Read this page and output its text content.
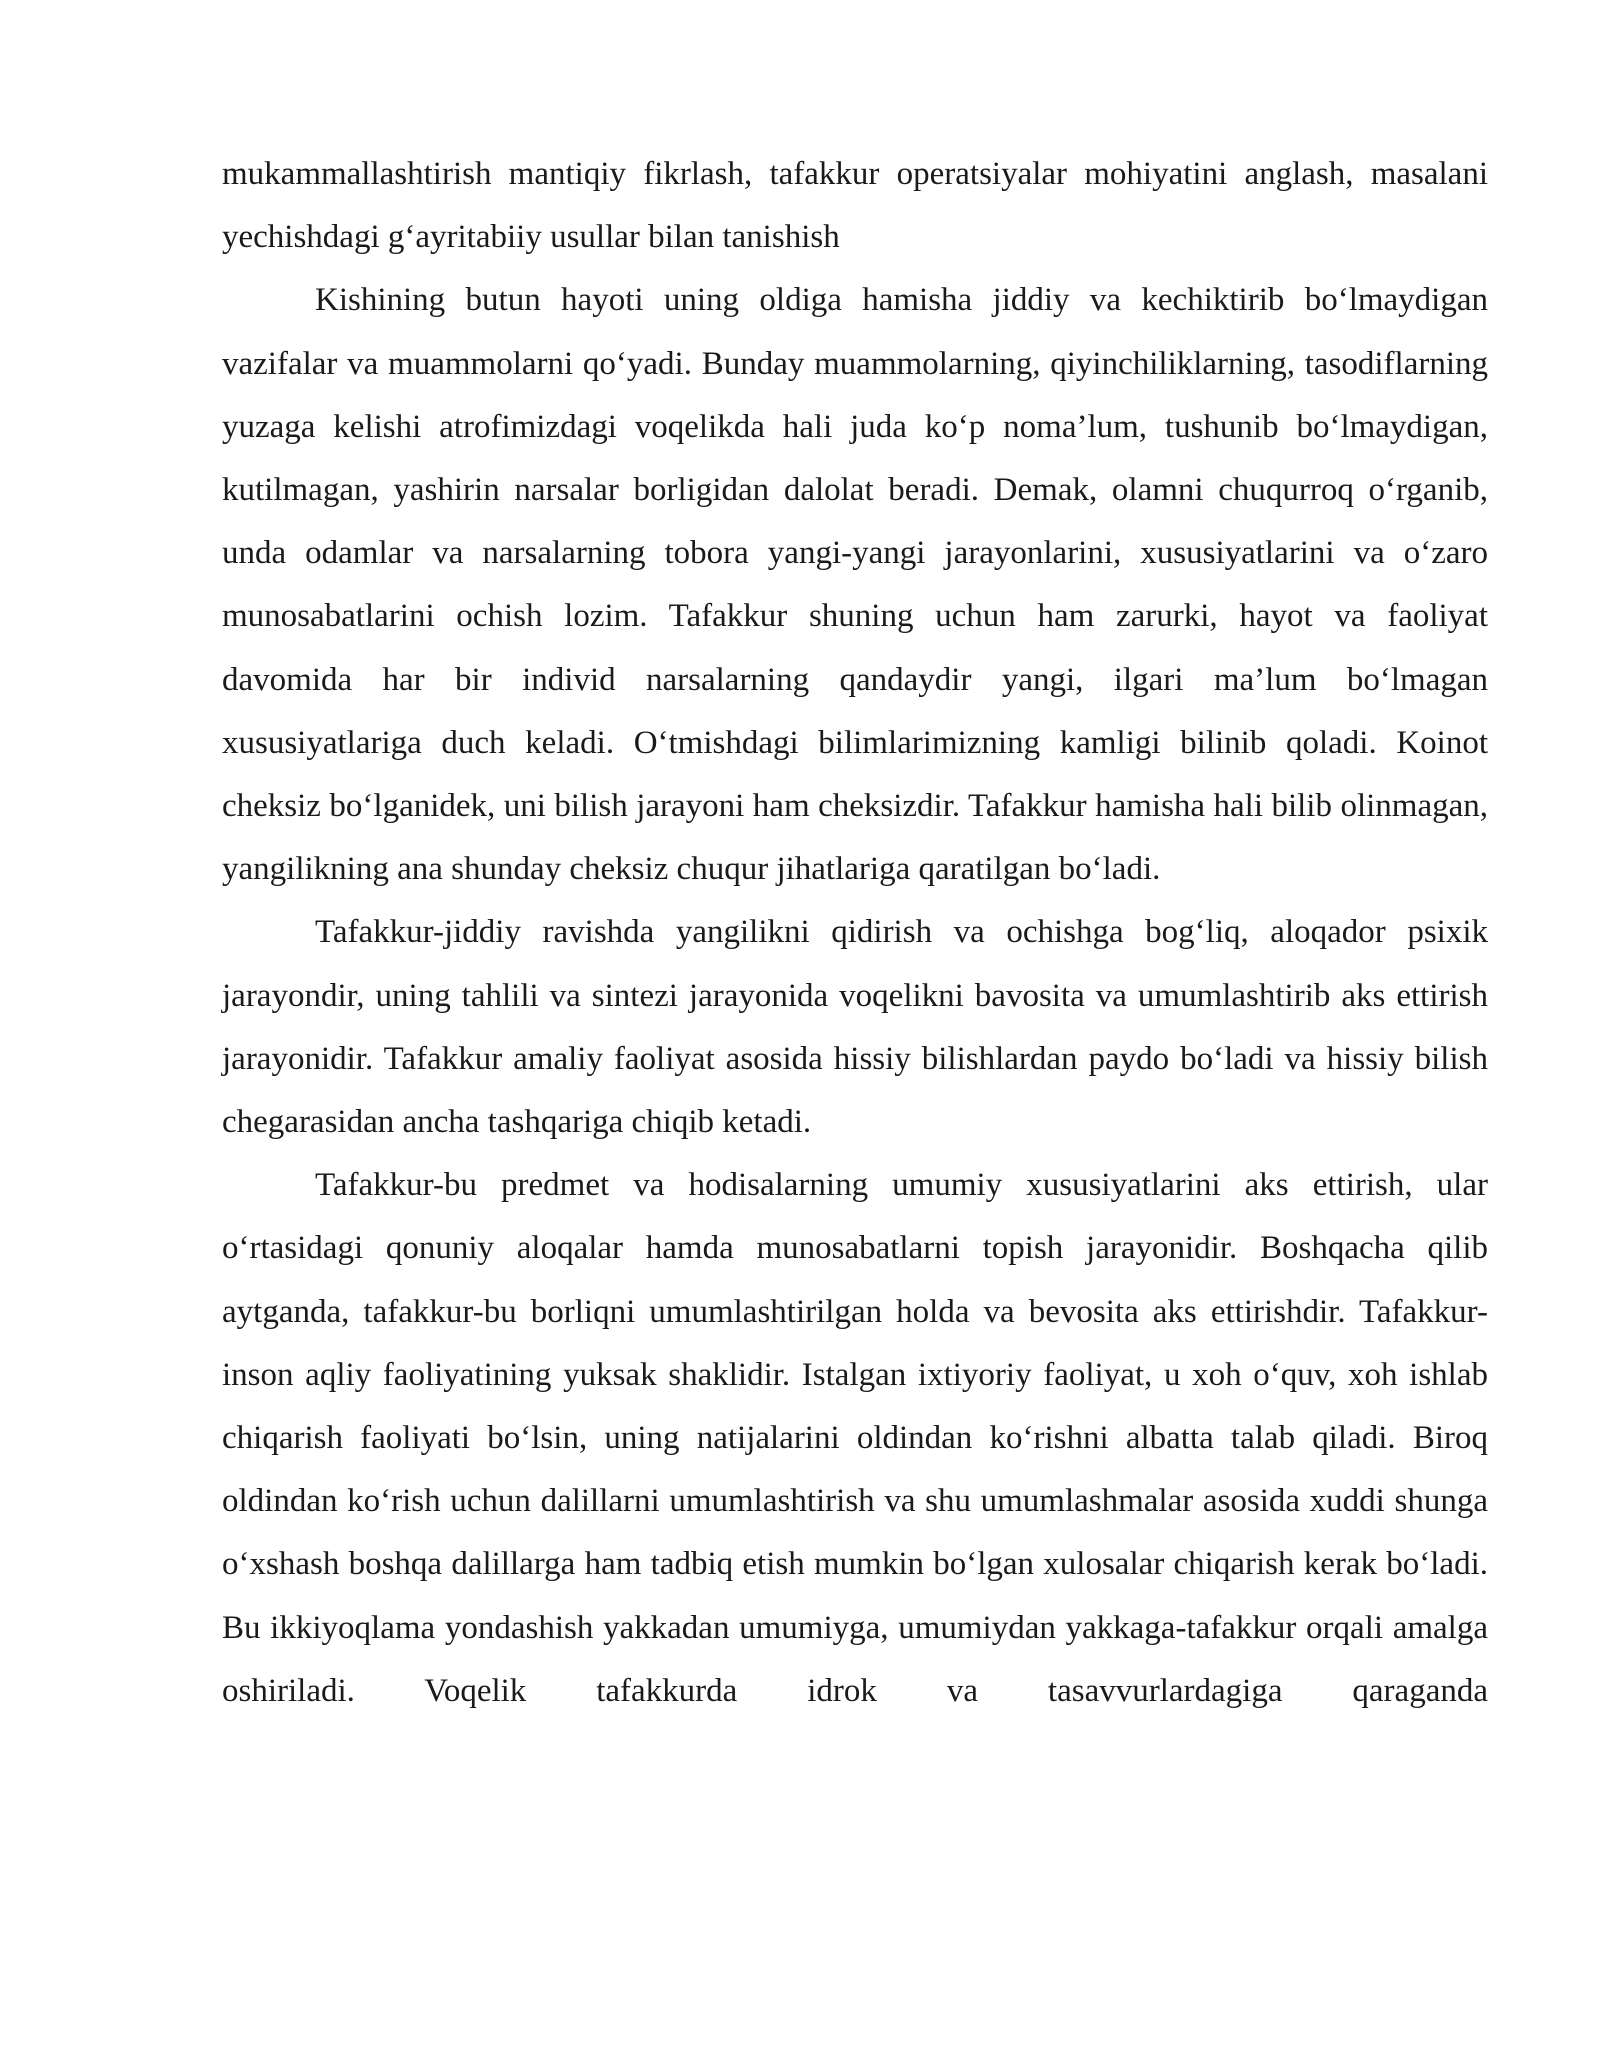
mukammallashtirish mantiqiy fikrlash, tafakkur operatsiyalar mohiyatini anglash, masalani yechishdagi g‘ayritabiiy usullar bilan tanishish

Kishining butun hayoti uning oldiga hamisha jiddiy va kechiktirib bo‘lmaydigan vazifalar va muammolarni qo‘yadi. Bunday muammolarning, qiyinchiliklarning, tasodiflarning yuzaga kelishi atrofimizdagi voqelikda hali juda ko‘p noma’lum, tushunib bo‘lmaydigan, kutilmagan, yashirin narsalar borligidan dalolat beradi. Demak, olamni chuqurroq o‘rganib, unda odamlar va narsalarning tobora yangi-yangi jarayonlarini, xususiyatlarini va o‘zaro munosabatlarini ochish lozim. Tafakkur shuning uchun ham zarurki, hayot va faoliyat davomida har bir individ narsalarning qandaydir yangi, ilgari ma’lum bo‘lmagan xususiyatlariga duch keladi. O‘tmishdagi bilimlarimizning kamligi bilinib qoladi. Koinot cheksiz bo‘lganidek, uni bilish jarayoni ham cheksizdir. Tafakkur hamisha hali bilib olinmagan, yangilikning ana shunday cheksiz chuqur jihatlariga qaratilgan bo‘ladi.

Tafakkur-jiddiy ravishda yangilikni qidirish va ochishga bog‘liq, aloqador psixik jarayondir, uning tahlili va sintezi jarayonida voqelikni bavosita va umumlashtirib aks ettirish jarayonidir. Tafakkur amaliy faoliyat asosida hissiy bilishlardan paydo bo‘ladi va hissiy bilish chegarasidan ancha tashqariga chiqib ketadi.

Tafakkur-bu predmet va hodisalarning umumiy xususiyatlarini aks ettirish, ular o‘rtasidagi qonuniy aloqalar hamda munosabatlarni topish jarayonidir. Boshqacha qilib aytganda, tafakkur-bu borliqni umumlashtirilgan holda va bevosita aks ettirishdir. Tafakkur-inson aqliy faoliyatining yuksak shaklidir. Istalgan ixtiyoriy faoliyat, u xoh o‘quv, xoh ishlab chiqarish faoliyati bo‘lsin, uning natijalarini oldindan ko‘rishni albatta talab qiladi. Biroq oldindan ko‘rish uchun dalillarni umumlashtirish va shu umumlashmalar asosida xuddi shunga o‘xshash boshqa dalillarga ham tadbiq etish mumkin bo‘lgan xulosalar chiqarish kerak bo‘ladi. Bu ikkiyoqlama yondashish yakkadan umumiyga, umumiydan yakkaga-tafakkur orqali amalga oshiriladi. Voqelik tafakkurda idrok va tasavvurlardagiga qaraganda
